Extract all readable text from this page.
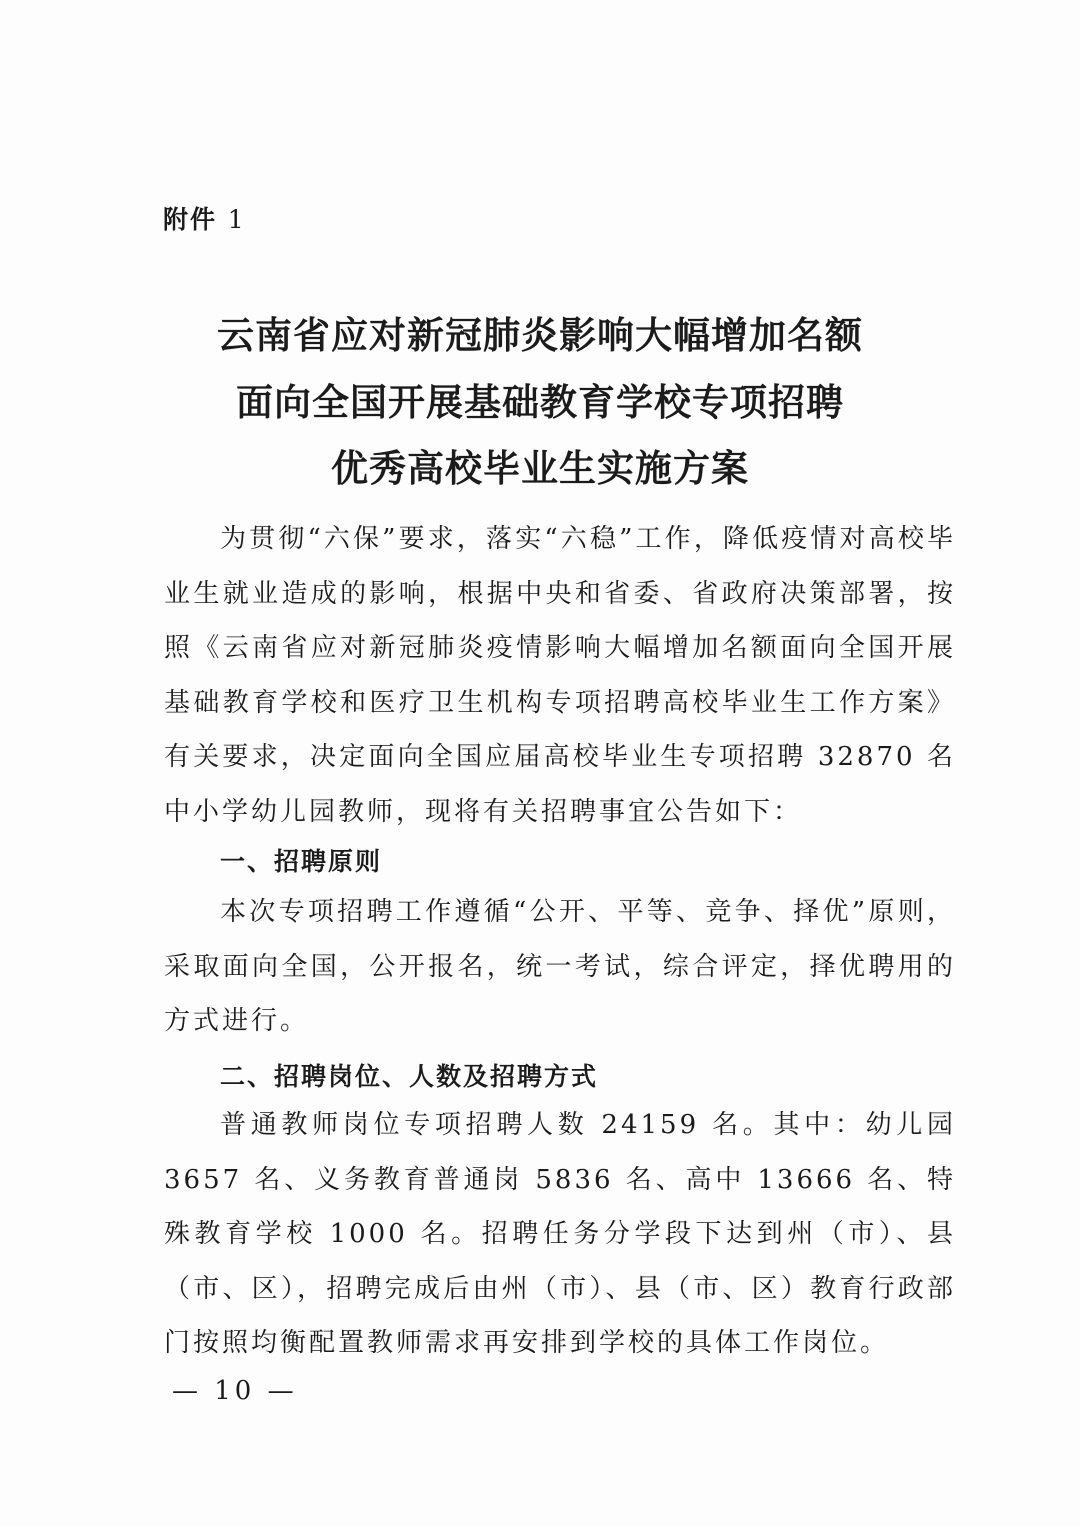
附件 1
云南省应对新冠肺炎影响大幅增加名额
面向全国开展基础教育学校专项招聘
优秀高校毕业生实施方案

为贯彻“六保”要求，落实“六稳”工作，降低疫情对高校毕业生就业造成的影响，根据中央和省委、省政府决策部署，按照《云南省应对新冠肺炎疫情影响大幅增加名额面向全国开展基础教育学校和医疗卫生机构专项招聘高校毕业生工作方案》有关要求，决定面向全国应届高校毕业生专项招聘 32870 名中小学幼儿园教师，现将有关招聘事宜公告如下：

一、招聘原则

本次专项招聘工作遵循“公开、平等、竞争、择优”原则，采取面向全国，公开报名，统一考试，综合评定，择优聘用的方式进行。

二、招聘岗位、人数及招聘方式

普通教师岗位专项招聘人数 24159 名。其中：幼儿园 3657 名、义务教育普通岗 5836 名、高中 13666 名、特殊教育学校 1000 名。招聘任务分学段下达到州（市）、县（市、区），招聘完成后由州（市）、县（市、区）教育行政部门按照均衡配置教师需求再安排到学校的具体工作岗位。

— 10 —
